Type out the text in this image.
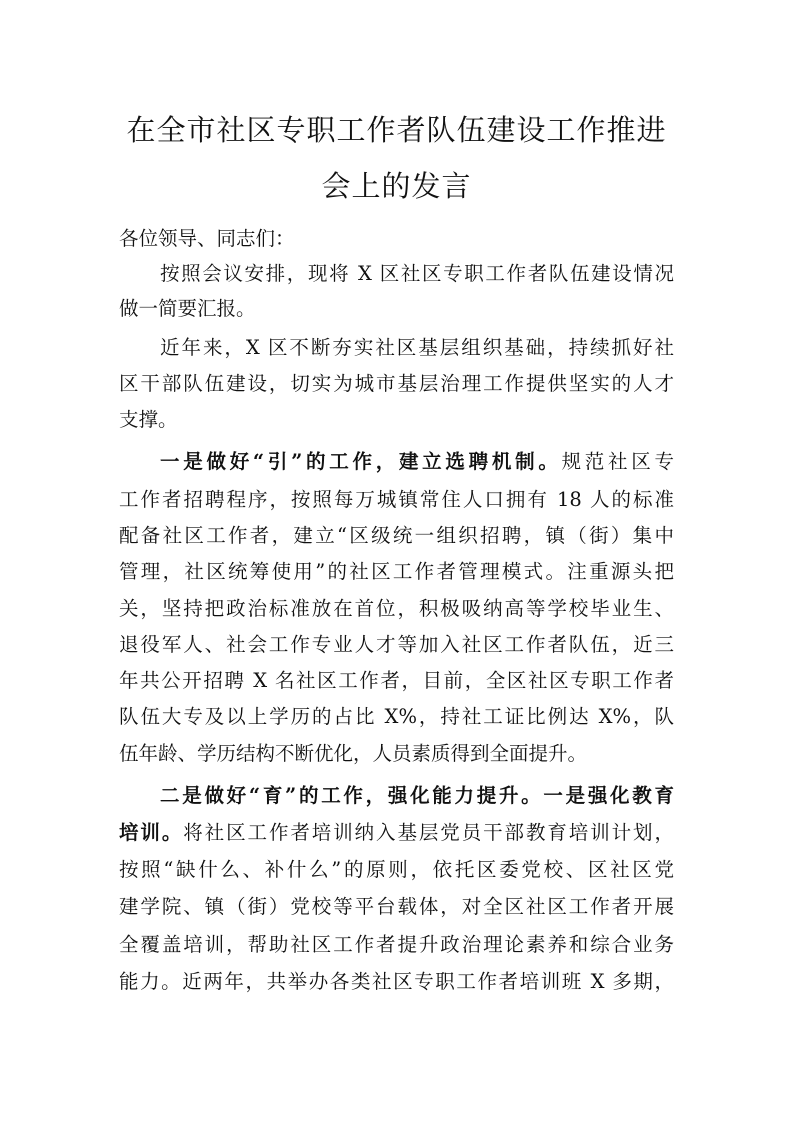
在全市社区专职工作者队伍建设工作推进
会上的发言

各位领导、同志们：

按照会议安排，现将 X 区社区专职工作者队伍建设情况

做一简要汇报。

近年来，X 区不断夯实社区基层组织基础，持续抓好社

区干部队伍建设，切实为城市基层治理工作提供坚实的人才

支撑。

一是做好“引”的工作，建立选聘机制。规范社区专

工作者招聘程序，按照每万城镇常住人口拥有 18 人的标准

配备社区工作者，建立“区级统一组织招聘，镇（街）集中

管理，社区统筹使用”的社区工作者管理模式。注重源头把

关，坚持把政治标准放在首位，积极吸纳高等学校毕业生、

退役军人、社会工作专业人才等加入社区工作者队伍，近三

年共公开招聘 X 名社区工作者，目前，全区社区专职工作者

队伍大专及以上学历的占比 X%，持社工证比例达 X%，队

伍年龄、学历结构不断优化，人员素质得到全面提升。

二是做好“育”的工作，强化能力提升。一是强化教育

培训。将社区工作者培训纳入基层党员干部教育培训计划，

按照“缺什么、补什么”的原则，依托区委党校、区社区党

建学院、镇（街）党校等平台载体，对全区社区工作者开展

全覆盖培训，帮助社区工作者提升政治理论素养和综合业务

能力。近两年，共举办各类社区专职工作者培训班 X 多期，
